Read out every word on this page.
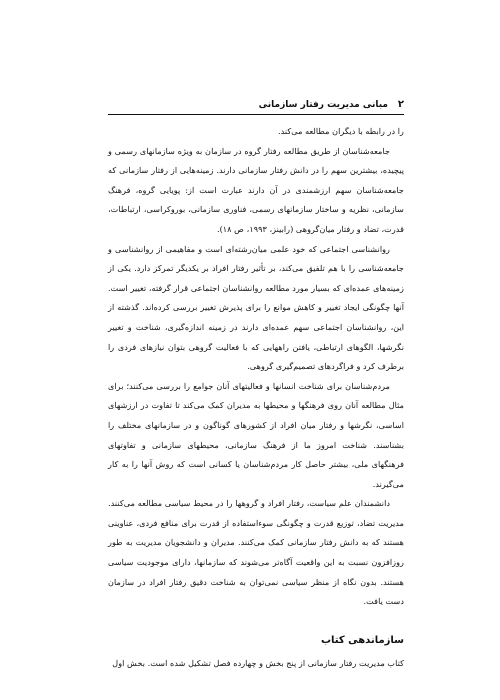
۲
مبانی مدیریت رفتار سازمانی

را در رابطه با دیگران مطالعه می‌کند.

جامعه‌شناسان از طریق مطالعه رفتار گروه در سازمان به ویژه سازمانهای رسمی و پیچیده، بیشترین سهم را در دانش رفتار سازمانی دارند. زمینه‌هایی از رفتار سازمانی که جامعه‌شناسان سهم ارزشمندی در آن دارند عبارت است از: پویایی گروه، فرهنگ سازمانی، نظریه و ساختار سازمانهای رسمی، فناوری سازمانی، بوروکراسی، ارتباطات، قدرت، تضاد و رفتار میان‌گروهی (رابینز، ۱۹۹۳، ص ۱۸).

روانشناسی اجتماعی که خود علمی میان‌رشته‌ای است و مفاهیمی از روانشناسی و جامعه‌شناسی را با هم تلفیق می‌کند، بر تأثیر رفتار افراد بر یکدیگر تمرکز دارد. یکی از زمینه‌های عمده‌ای که بسیار مورد مطالعه روانشناسان اجتماعی قرار گرفته، تغییر است. آنها چگونگی ایجاد تغییر و کاهش موانع را برای پذیرش تغییر بررسی کرده‌اند. گذشته از این، روانشناسان اجتماعی سهم عمده‌ای دارند در زمینه اندازه‌گیری، شناخت و تغییر نگرشها، الگوهای ارتباطی، یافتن راههایی که با فعالیت گروهی بتوان نیازهای فردی را برطرف کرد و فراگردهای تصمیم‌گیری گروهی.

مردم‌شناسان برای شناخت انسانها و فعالیتهای آنان جوامع را بررسی می‌کنند؛ برای مثال مطالعه آنان روی فرهنگها و محیطها به مدیران کمک می‌کند تا تفاوت در ارزشهای اساسی، نگرشها و رفتار میان افراد از کشورهای گوناگون و در سازمانهای مختلف را بشناسند. شناخت امروز ما از فرهنگ سازمانی، محیطهای سازمانی و تفاوتهای فرهنگهای ملی، بیشتر حاصل کار مردم‌شناسان یا کسانی است که روش آنها را به کار می‌گیرند.

دانشمندان علم سیاست، رفتار افراد و گروهها را در محیط سیاسی مطالعه می‌کنند. مدیریت تضاد، توزیع قدرت و چگونگی سوءاستفاده از قدرت برای منافع فردی، عناوینی هستند که به دانش رفتار سازمانی کمک می‌کنند. مدیران و دانشجویان مدیریت به طور روزافزون نسبت به این واقعیت آگاه‌تر می‌شوند که سازمانها، دارای موجودیت سیاسی هستند. بدون نگاه از منظر سیاسی نمی‌توان به شناخت دقیق رفتار افراد در سازمان دست یافت.

سازماندهی کتاب

کتاب مدیریت رفتار سازمانی از پنج بخش و چهارده فصل تشکیل شده است. بخش اول
